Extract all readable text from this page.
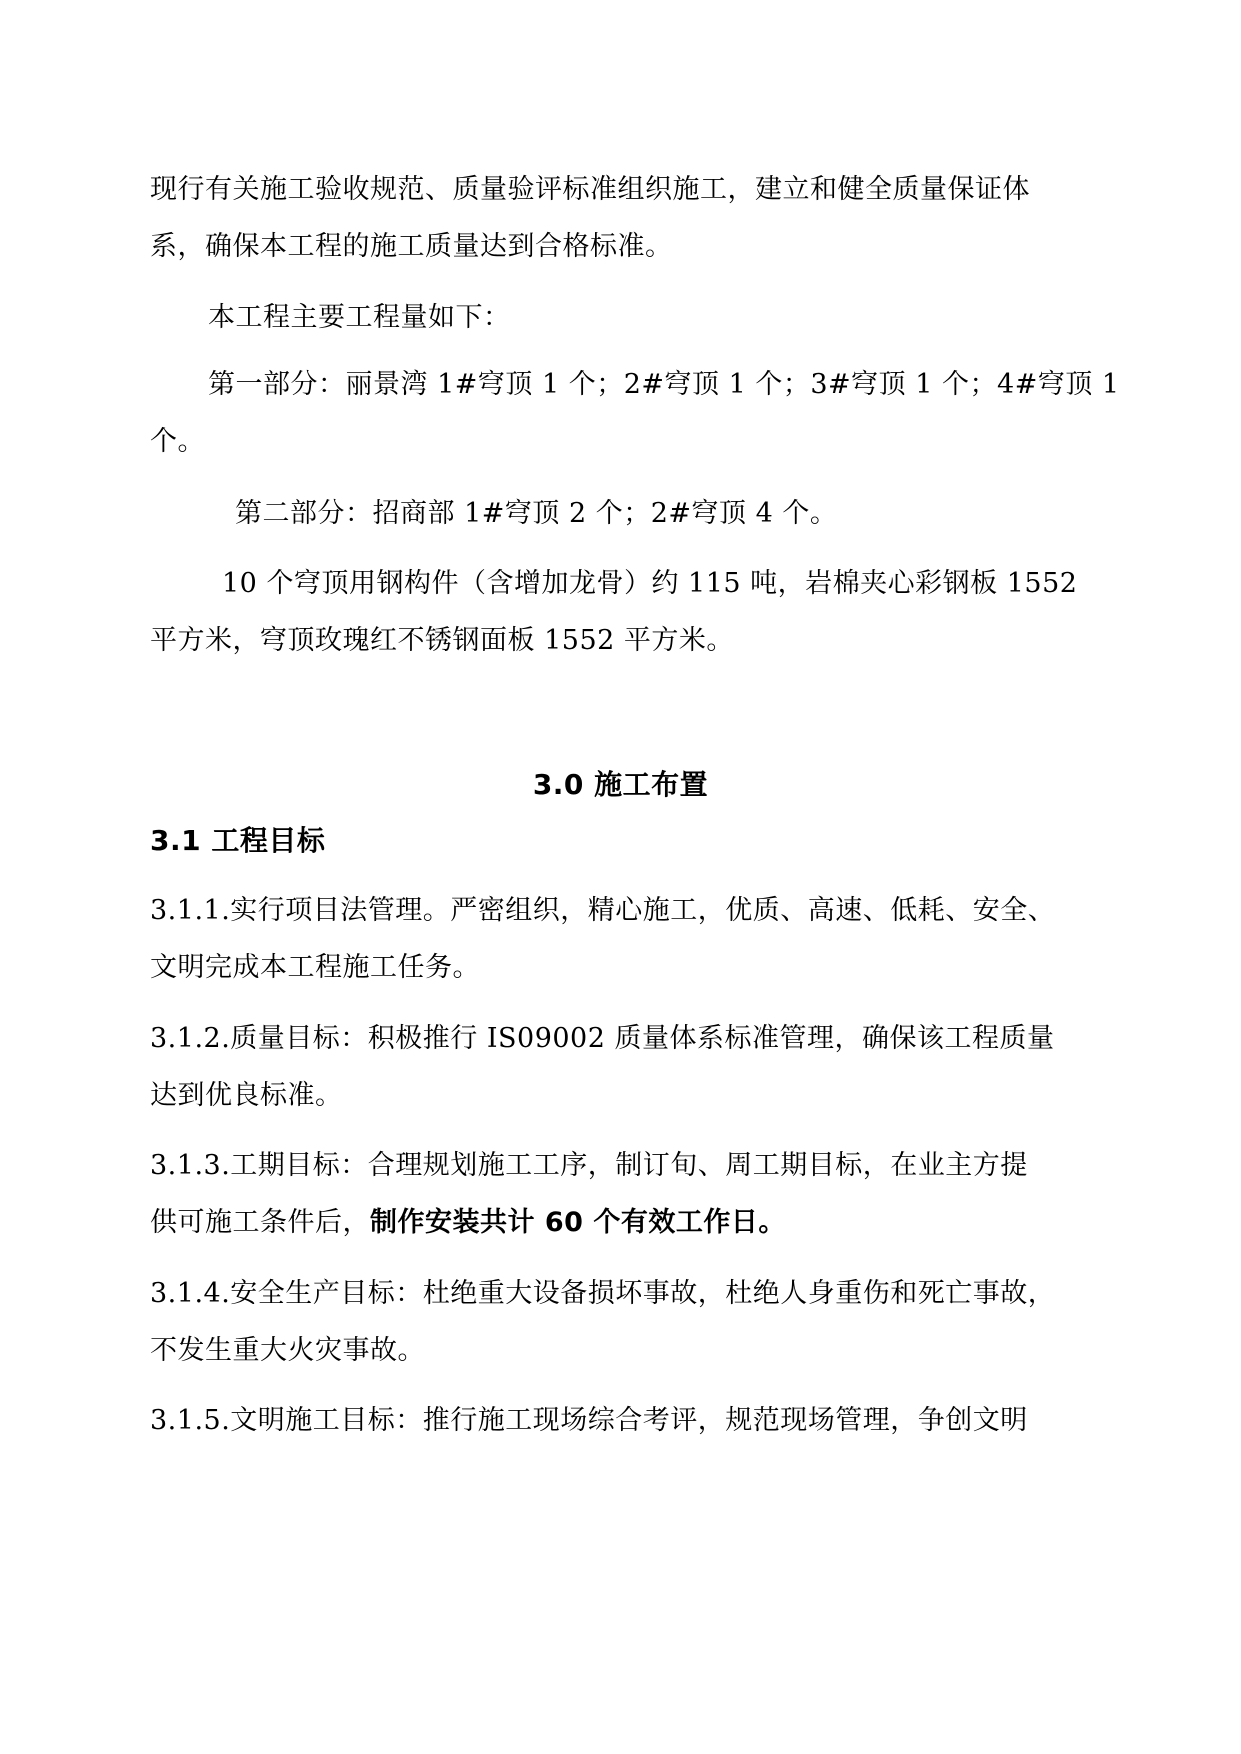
现行有关施工验收规范、质量验评标准组织施工，建立和健全质量保证体
系，确保本工程的施工质量达到合格标准。
本工程主要工程量如下：
第一部分：丽景湾 1#穹顶 1 个；2#穹顶 1 个；3#穹顶 1 个；4#穹顶 1
个。
第二部分：招商部 1#穹顶 2 个；2#穹顶 4 个。
10 个穹顶用钢构件（含增加龙骨）约 115 吨，岩棉夹心彩钢板 1552
平方米，穹顶玫瑰红不锈钢面板 1552 平方米。
3.0 施工布置
3.1 工程目标
3.1.1.实行项目法管理。严密组织，精心施工，优质、高速、低耗、安全、
文明完成本工程施工任务。
3.1.2.质量目标：积极推行 IS09002 质量体系标准管理，确保该工程质量
达到优良标准。
3.1.3.工期目标：合理规划施工工序，制订旬、周工期目标，在业主方提
供可施工条件后，制作安装共计 60 个有效工作日。
3.1.4.安全生产目标：杜绝重大设备损坏事故，杜绝人身重伤和死亡事故，
不发生重大火灾事故。
3.1.5.文明施工目标：推行施工现场综合考评，规范现场管理，争创文明
